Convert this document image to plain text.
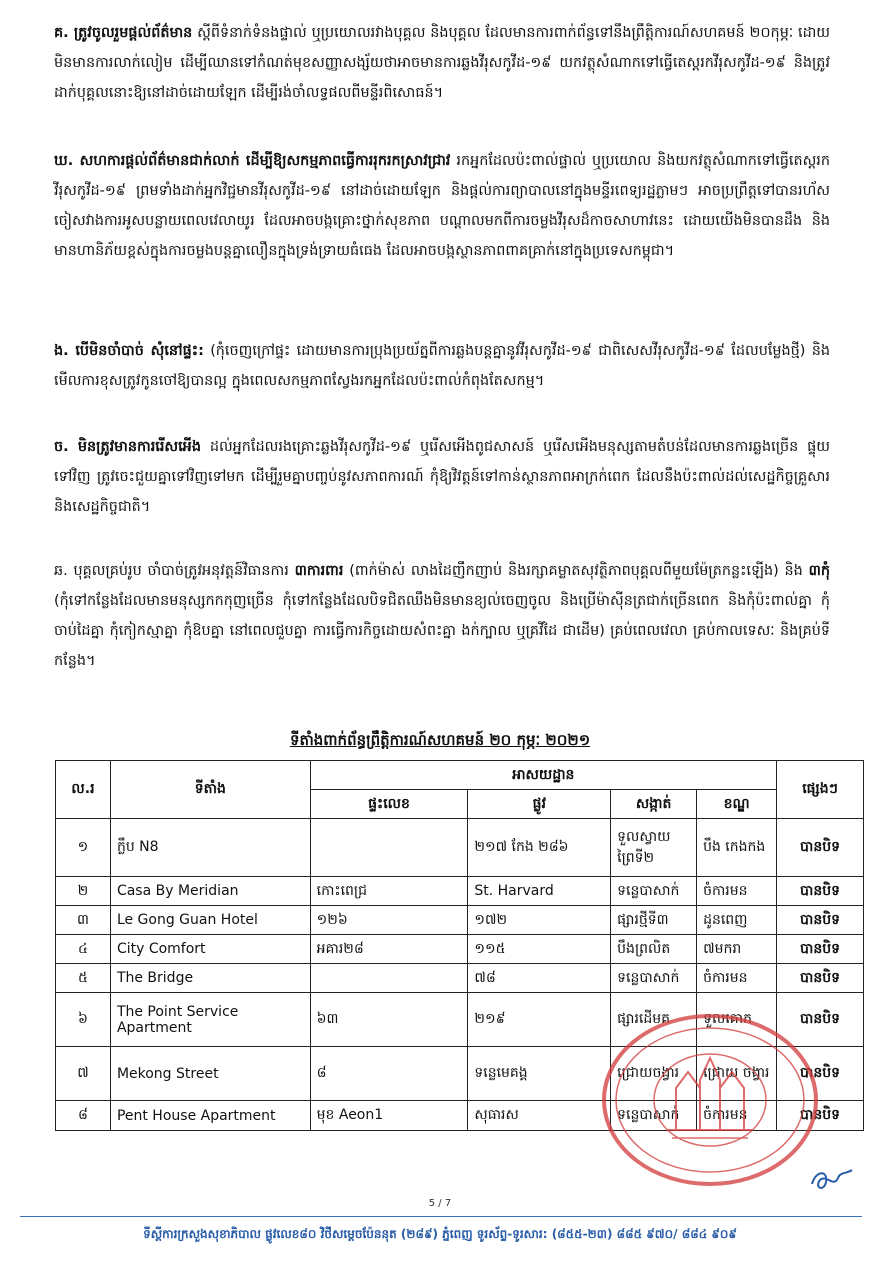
គ. ត្រូវចូលរួមផ្តល់ព័ត៌មាន ស្តីពីទំនាក់ទំនងផ្ទាល់ ឬប្រយោលរវាងបុគ្គល និងបុគ្គល ដែលមានការពាក់ព័ន្ធទៅនឹងព្រឹត្តិការណ៍សហគមន៍ ២០កុម្ភៈ ដោយមិនមានការលាក់លៀម ដើម្បីឈានទៅកំណត់មុខសញ្ញាសង្ស័យថាអាចមានការឆ្លងវីរុសកូវីដ-១៩ យកវត្ថុសំណាកទៅធ្វើតេស្តរកវីរុសកូវីដ-១៩ និងត្រូវដាក់បុគ្គលនោះឱ្យនៅដាច់ដោយឡែក ដើម្បីរង់ចាំលទ្ធផលពីមន្ទីរពិសោធន៍។
ឃ. សហការផ្តល់ព័ត៌មានជាក់លាក់ ដើម្បីឱ្យសកម្មភាពធ្វើការរុករកស្រាវជ្រាវ រកអ្នកដែលប៉ះពាល់ផ្ទាល់ ឬប្រយោល និងយកវត្ថុសំណាកទៅធ្វើតេស្តរកវីរុសកូវីដ-១៩ ព្រមទាំងដាក់អ្នកវិជ្ជមានវីរុសកូវីដ-១៩ នៅដាច់ដោយឡែក និងផ្តល់ការព្យាបាលនៅក្នុងមន្ទីរពេទ្យរដ្ឋភ្លាមៗ អាចប្រព្រឹត្តទៅបានរហ័ស ចៀសវាងការអូសបន្លាយពេលវេលាយូរ ដែលអាចបង្កគ្រោះថ្នាក់សុខភាព បណ្តាលមកពីការចម្លងវីរុសដ៏កាចសាហាវនេះ ដោយយើងមិនបានដឹង និងមានហានិភ័យខ្ពស់ក្នុងការចម្លងបន្តគ្នាលឿនក្នុងទ្រង់ទ្រាយធំធេង ដែលអាចបង្កស្ថានភាពពាគគ្រាក់នៅក្នុងប្រទេសកម្ពុជា។
ង. បើមិនចាំបាច់ សុំនៅផ្ទះ: (កុំចេញក្រៅផ្ទះ ដោយមានការប្រុងប្រយ័ត្នពីការឆ្លងបន្តគ្នានូវវីរុសកូវីដ-១៩ ជាពិសេសវីរុសកូវីដ-១៩ ដែលបម្លែងថ្មី) និងមើលការខុសត្រូវកូនចៅឱ្យបានល្អ ក្នុងពេលសកម្មភាពស្វែងរកអ្នកដែលប៉ះពាល់កំពុងតែសកម្ម។
ច. មិនត្រូវមានការរើសអើង ដល់អ្នកដែលរងគ្រោះឆ្លងវីរុសកូវីដ-១៩ ឬរើសអើងពូជសាសន៍ ឬរើសអើងមនុស្សតាមតំបន់ដែលមានការឆ្លងច្រើន ផ្ទុយទៅវិញ ត្រូវចេះជួយគ្នាទៅវិញទៅមក ដើម្បីរួមគ្នាបញ្ចប់នូវសភាពការណ៍ កុំឱ្យវិវត្តន៍ទៅកាន់ស្ថានភាពអាក្រក់ពេក ដែលនឹងប៉ះពាល់ដល់សេដ្ឋកិច្ចគ្រួសារ និងសេដ្ឋកិច្ចជាតិ។
ឆ. បុគ្គលគ្រប់រូប ចាំបាច់ត្រូវអនុវត្តន៍វិធានការ ៣ការពារ (ពាក់ម៉ាស់ លាងដៃញឹកញាប់ និងរក្សាគម្លាតសុវត្ថិភាពបុគ្គលពីមួយម៉ែត្រកន្លះឡើង) និង ៣កុំ (កុំទៅកន្លែងដែលមានមនុស្សកកកុញច្រើន កុំទៅកន្លែងដែលបិទជិតឈឹងមិនមានខ្យល់ចេញចូល និងប្រើម៉ាស៊ីនត្រជាក់ច្រើនពេក និងកុំប៉ះពាល់គ្នា កុំចាប់ដៃគ្នា កុំកៀកស្មាគ្នា កុំឱបគ្នា នៅពេលជួបគ្នា ការធ្វើការកិច្ចដោយសំពះគ្នា ងក់ក្បាល ឬគ្រវីដៃ ជាដើម) គ្រប់ពេលវេលា គ្រប់កាលទេសៈ និងគ្រប់ទីកន្លែង។
ទីតាំងពាក់ព័ន្ធព្រឹត្តិការណ៍សហគមន៍ ២០ កុម្ភៈ ២០២១
ល.រ	ទីតាំង	អាសយដ្ឋាន				ផ្សេងៗ
		ផ្ទះលេខ	ផ្លូវ	សង្កាត់	ខណ្ឌ	
១	ក្លឹប N8		២១៧ កែង ២៨៦	ទួលស្វាយ ព្រៃទី២	បឹង កេងកង	បានបិទ
២	Casa By Meridian	កោះពេជ្រ	St. Harvard	ទន្លេបាសាក់	ចំការមន	បានបិទ
៣	Le Gong Guan Hotel	១២៦	១៧២	ផ្សារថ្មីទី៣	ដូនពេញ	បានបិទ
៤	City Comfort	អគារ២៨	១១៥	បឹងព្រលិត	៧មករា	បានបិទ
៥	The Bridge		៧៨	ទន្លេបាសាក់	ចំការមន	បានបិទ
៦	The Point Service Apartment	៦៣	២១៩	ផ្សារដើមគ	ទួលគោក	បានបិទ
៧	Mekong Street	៨	ទន្លេមេគង្គ	ជ្រោយចង្វារ	ជ្រោយ ចង្វារ	បានបិទ
៨	Pent House Apartment	មុខ Aeon1	សុធារស	ទន្លេបាសាក់	ចំការមន	បានបិទ
5 / 7
ទីស្តីការក្រសួងសុខាភិបាល ផ្លូវលេខ៨០ វិថីសម្តេចប៉ែននុត (២៨៩) ភ្នំពេញ ទូរស័ព្ទ-ទូរសារ: (៨៥៥-២៣) ៨៨៥ ៩៧០/ ៨៨៤ ៩០៩
